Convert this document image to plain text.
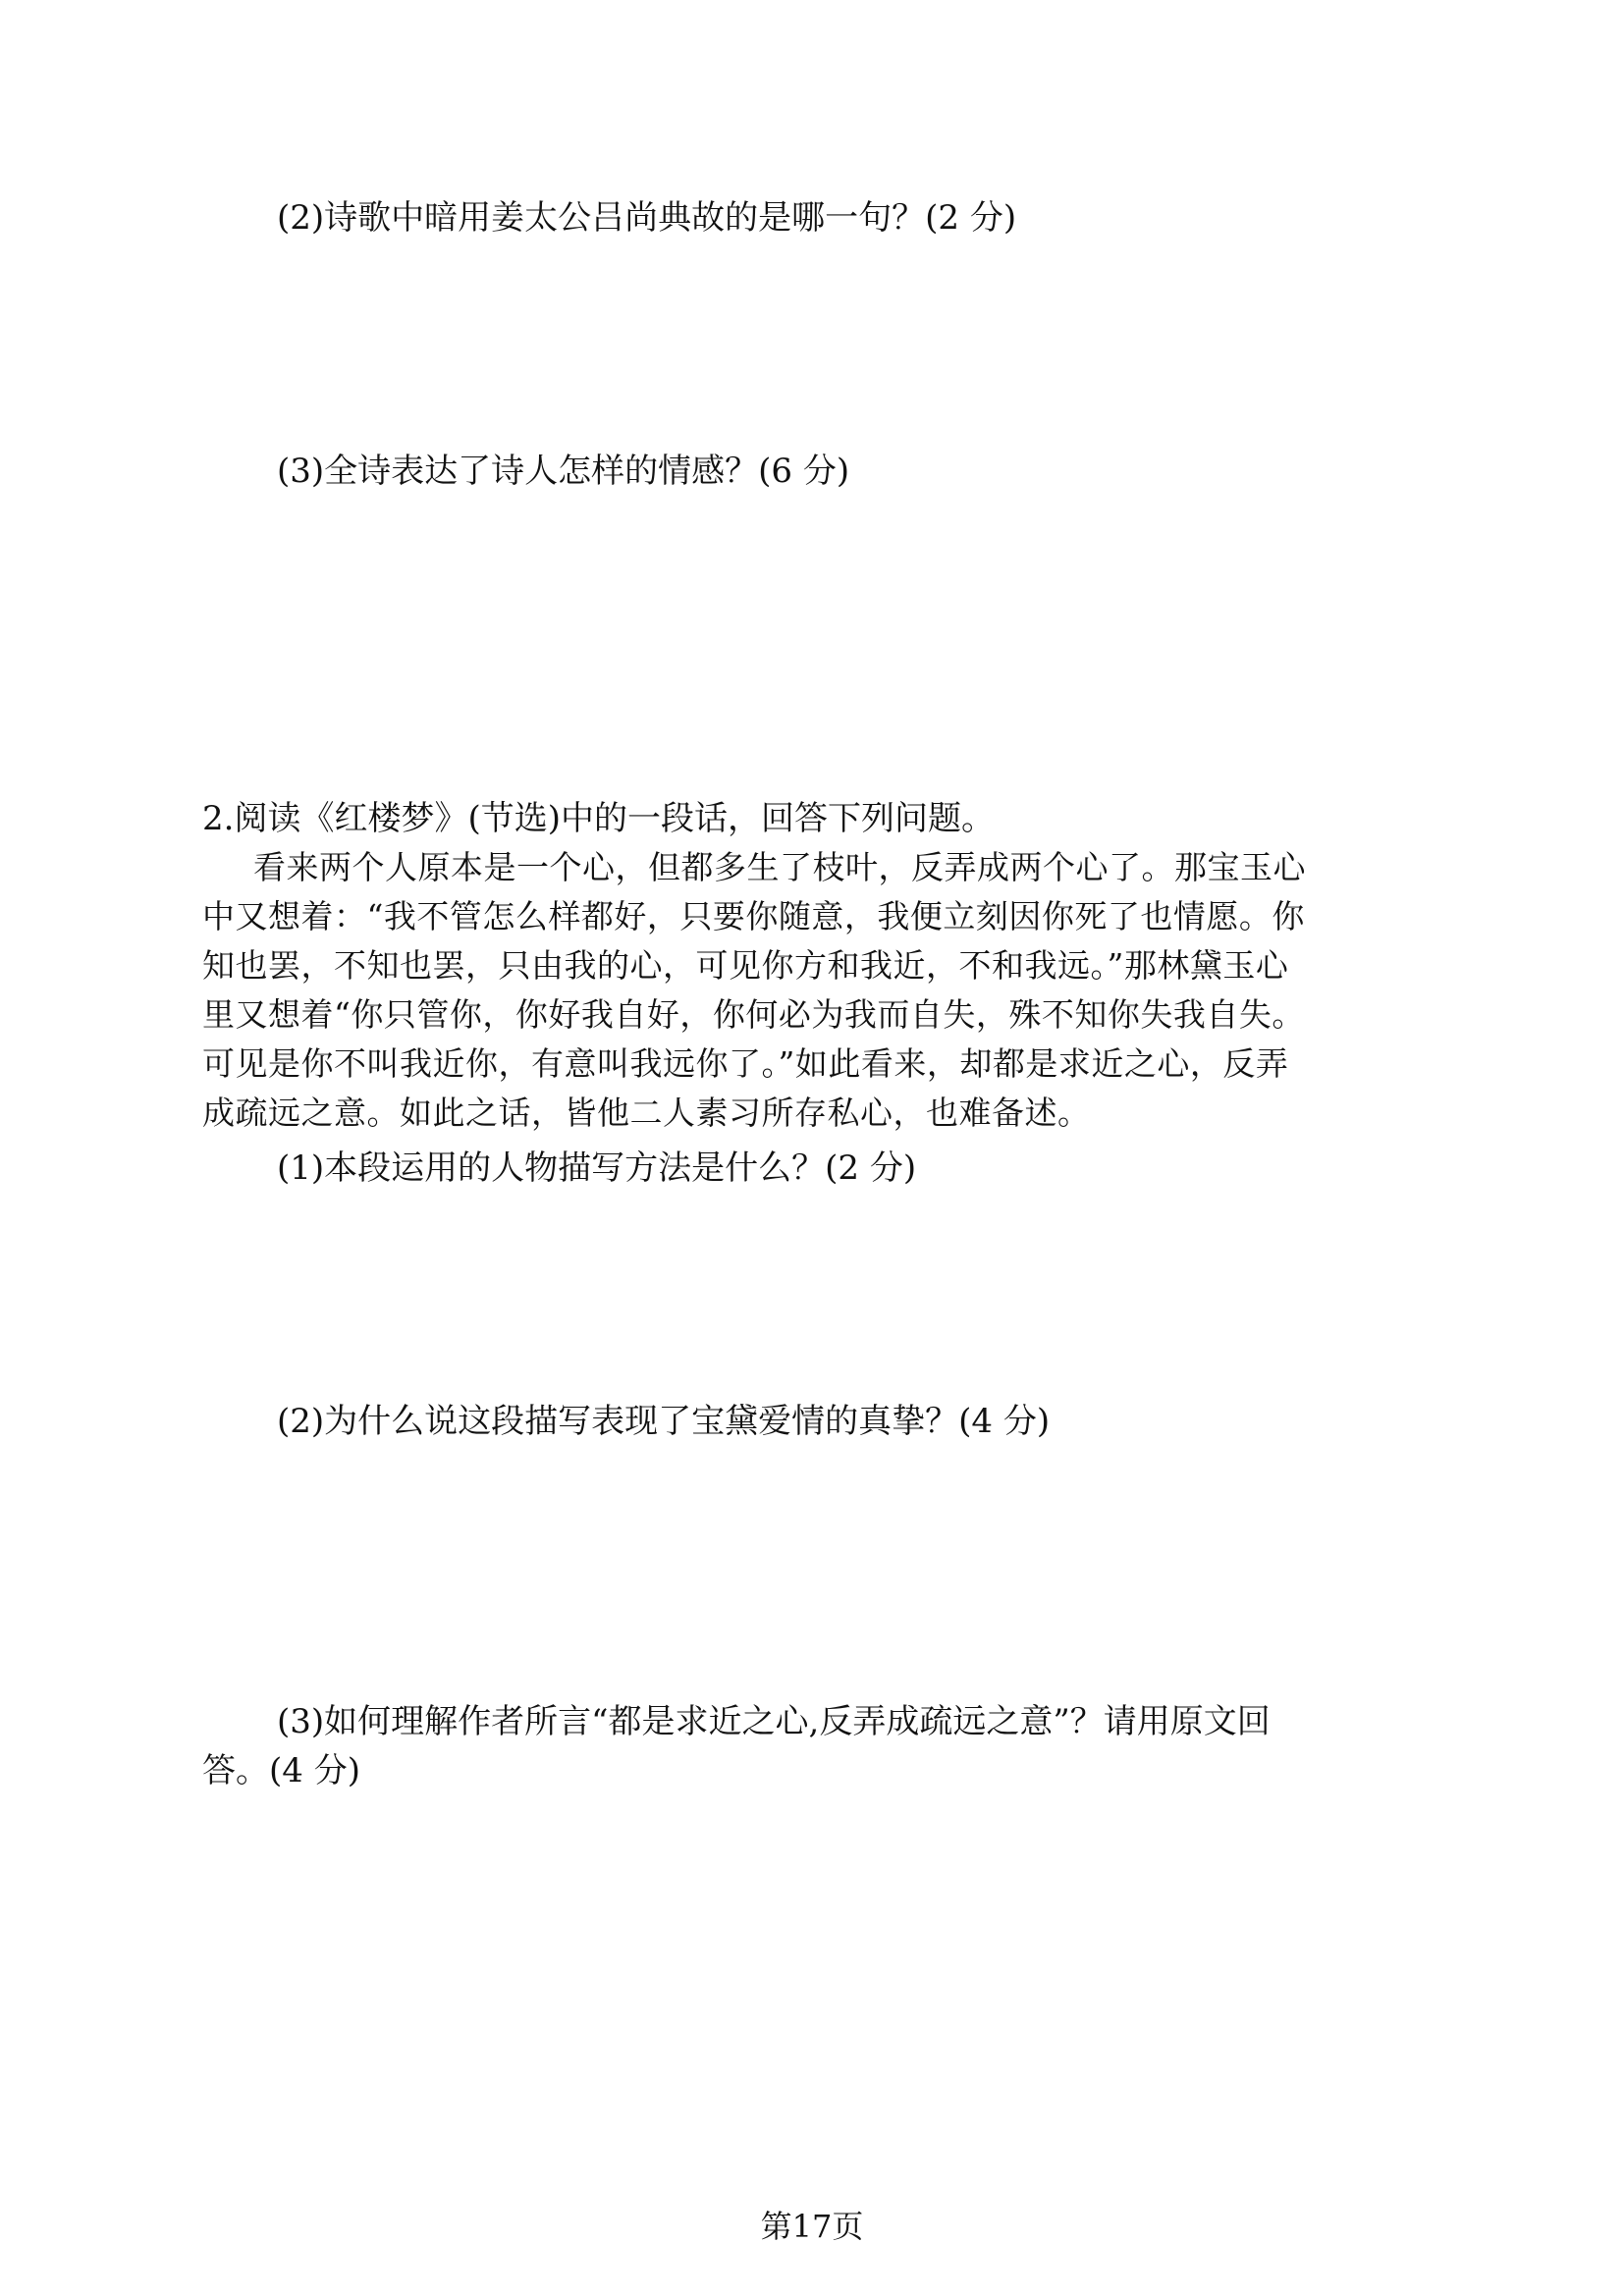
(2)诗歌中暗用姜太公吕尚典故的是哪一句？(2 分)
(3)全诗表达了诗人怎样的情感？(6 分)
2.阅读《红楼梦》(节选)中的一段话，回答下列问题。
看来两个人原本是一个心，但都多生了枝叶，反弄成两个心了。那宝玉心
中又想着：“我不管怎么样都好，只要你随意，我便立刻因你死了也情愿。你
知也罢，不知也罢，只由我的心，可见你方和我近，不和我远。”那林黛玉心
里又想着“你只管你，你好我自好，你何必为我而自失，殊不知你失我自失。
可见是你不叫我近你，有意叫我远你了。”如此看来，却都是求近之心，反弄
成疏远之意。如此之话，皆他二人素习所存私心，也难备述。
(1)本段运用的人物描写方法是什么？(2 分)
(2)为什么说这段描写表现了宝黛爱情的真挚？(4 分)
(3)如何理解作者所言“都是求近之心,反弄成疏远之意”？请用原文回
答。(4 分)
第17页
